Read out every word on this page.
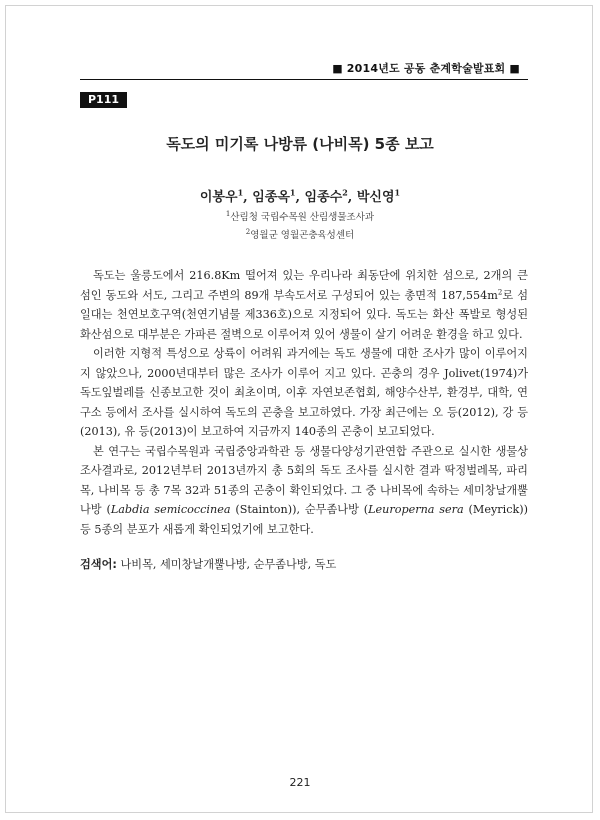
■ 2014년도 공동 춘계학술발표회 ■
P111
독도의 미기록 나방류 (나비목) 5종 보고
이봉우$^1$, 임종옥$^1$, 임종수$^2$, 박신영$^1$
$^1$산림청 국립수목원 산림생물조사과
$^2$영월군 영월곤충육성센터

독도는 울릉도에서 216.8Km 떨어져 있는 우리나라 최동단에 위치한 섬으로, 2개의 큰 섬인 동도와 서도, 그리고 주변의 89개 부속도서로 구성되어 있는 총면적 $187,554m^2$로 섬 일대는 천연보호구역(천연기념물 제336호)으로 지정되어 있다. 독도는 화산 폭발로 형성된 화산섬으로 대부분은 가파른 절벽으로 이루어져 있어 생물이 살기 어려운 환경을 하고 있다.

이러한 지형적 특성으로 상륙이 어려워 과거에는 독도 생물에 대한 조사가 많이 이루어지지 않았으나, 2000년대부터 많은 조사가 이루어 지고 있다. 곤충의 경우 Jolivet(1974)가 독도잎벌레를 신종보고한 것이 최초이며, 이후 자연보존협회, 해양수산부, 환경부, 대학, 연구소 등에서 조사를 실시하여 독도의 곤충을 보고하였다. 가장 최근에는 오 등(2012), 강 등(2013), 유 등(2013)이 보고하여 지금까지 140종의 곤충이 보고되었다.

본 연구는 국립수목원과 국립중앙과학관 등 생물다양성기관연합 주관으로 실시한 생물상 조사결과로, 2012년부터 2013년까지 총 5회의 독도 조사를 실시한 결과 딱정벌레목, 파리목, 나비목 등 총 7목 32과 51종의 곤충이 확인되었다. 그 중 나비목에 속하는 세미창날개뿔나방 (Labdia semicoccinea (Stainton)), 순무좀나방 (Leuroperna sera (Meyrick)) 등 5종의 분포가 새롭게 확인되었기에 보고한다.

검색어: 나비목, 세미창날개뿔나방, 순무좀나방, 독도
221
